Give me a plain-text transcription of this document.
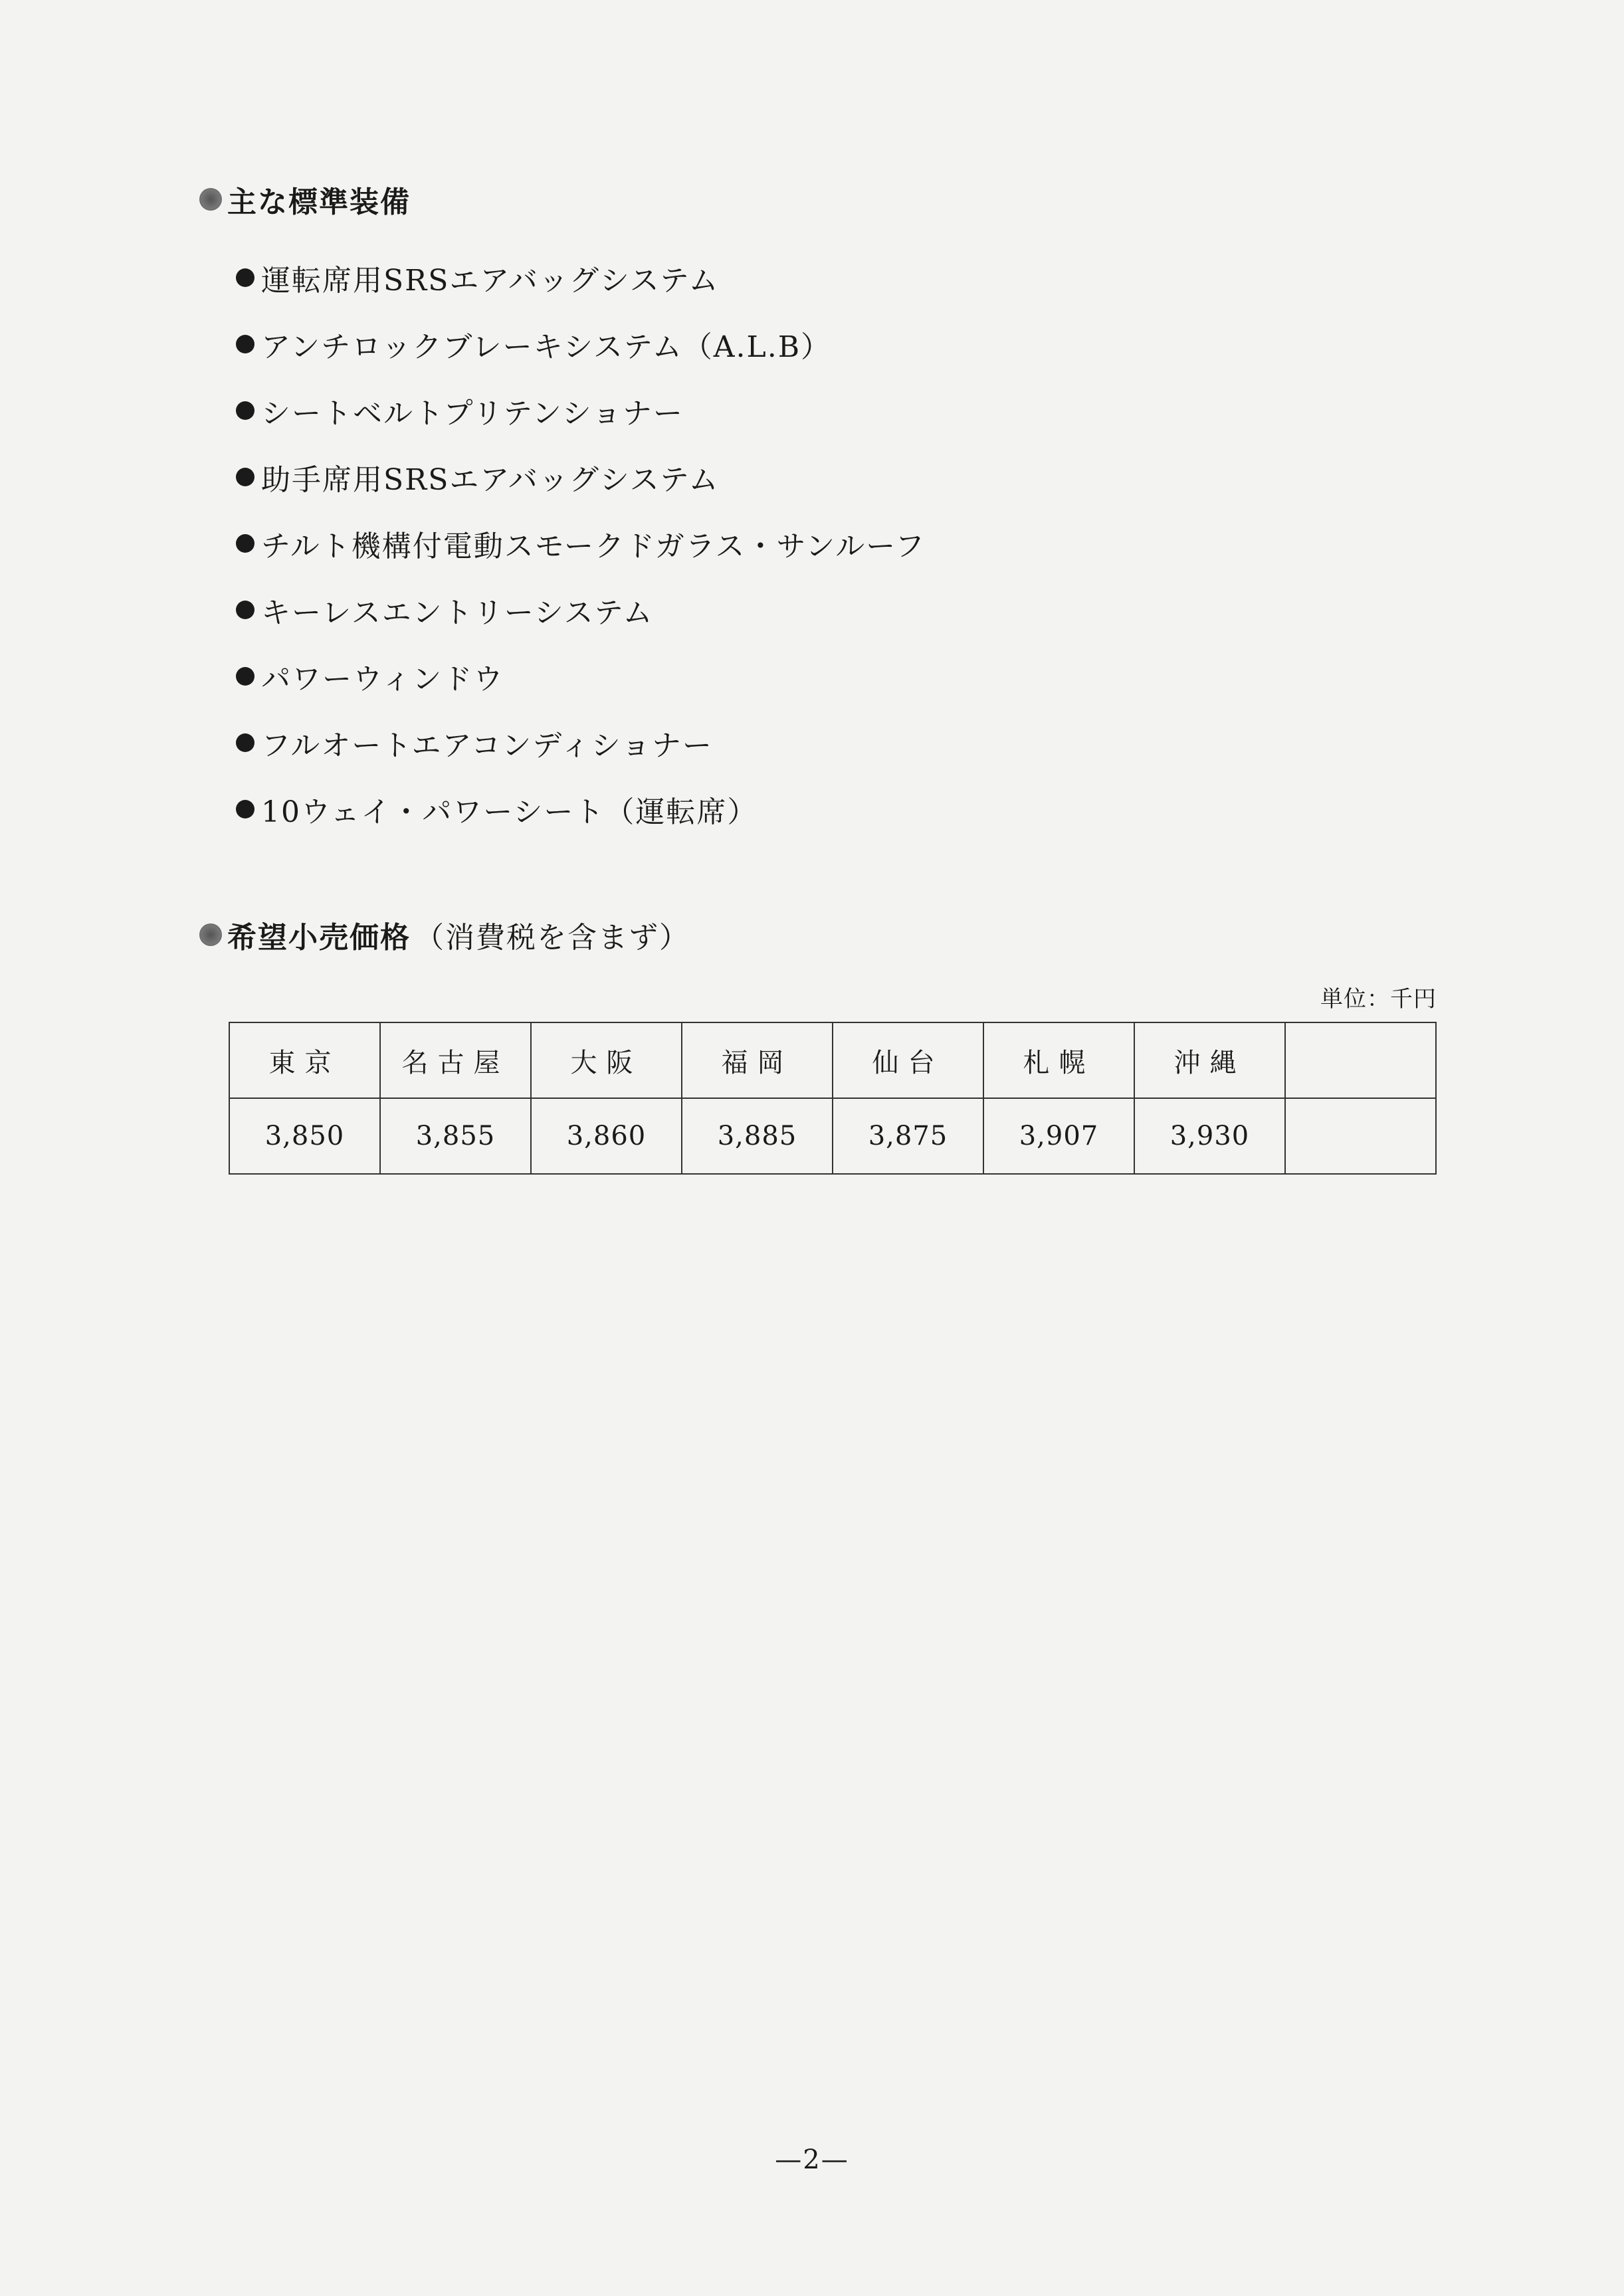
主な標準装備
運転席用SRSエアバッグシステム
アンチロックブレーキシステム（A.L.B）
シートベルトプリテンショナー
助手席用SRSエアバッグシステム
チルト機構付電動スモークドガラス・サンルーフ
キーレスエントリーシステム
パワーウィンドウ
フルオートエアコンディショナー
10ウェイ・パワーシート（運転席）
希望小売価格 （消費税を含まず）
単位：千円
東京	名古屋	大阪	福岡	仙台	札幌	沖縄	
3,850	3,855	3,860	3,885	3,875	3,907	3,930	
—2—
